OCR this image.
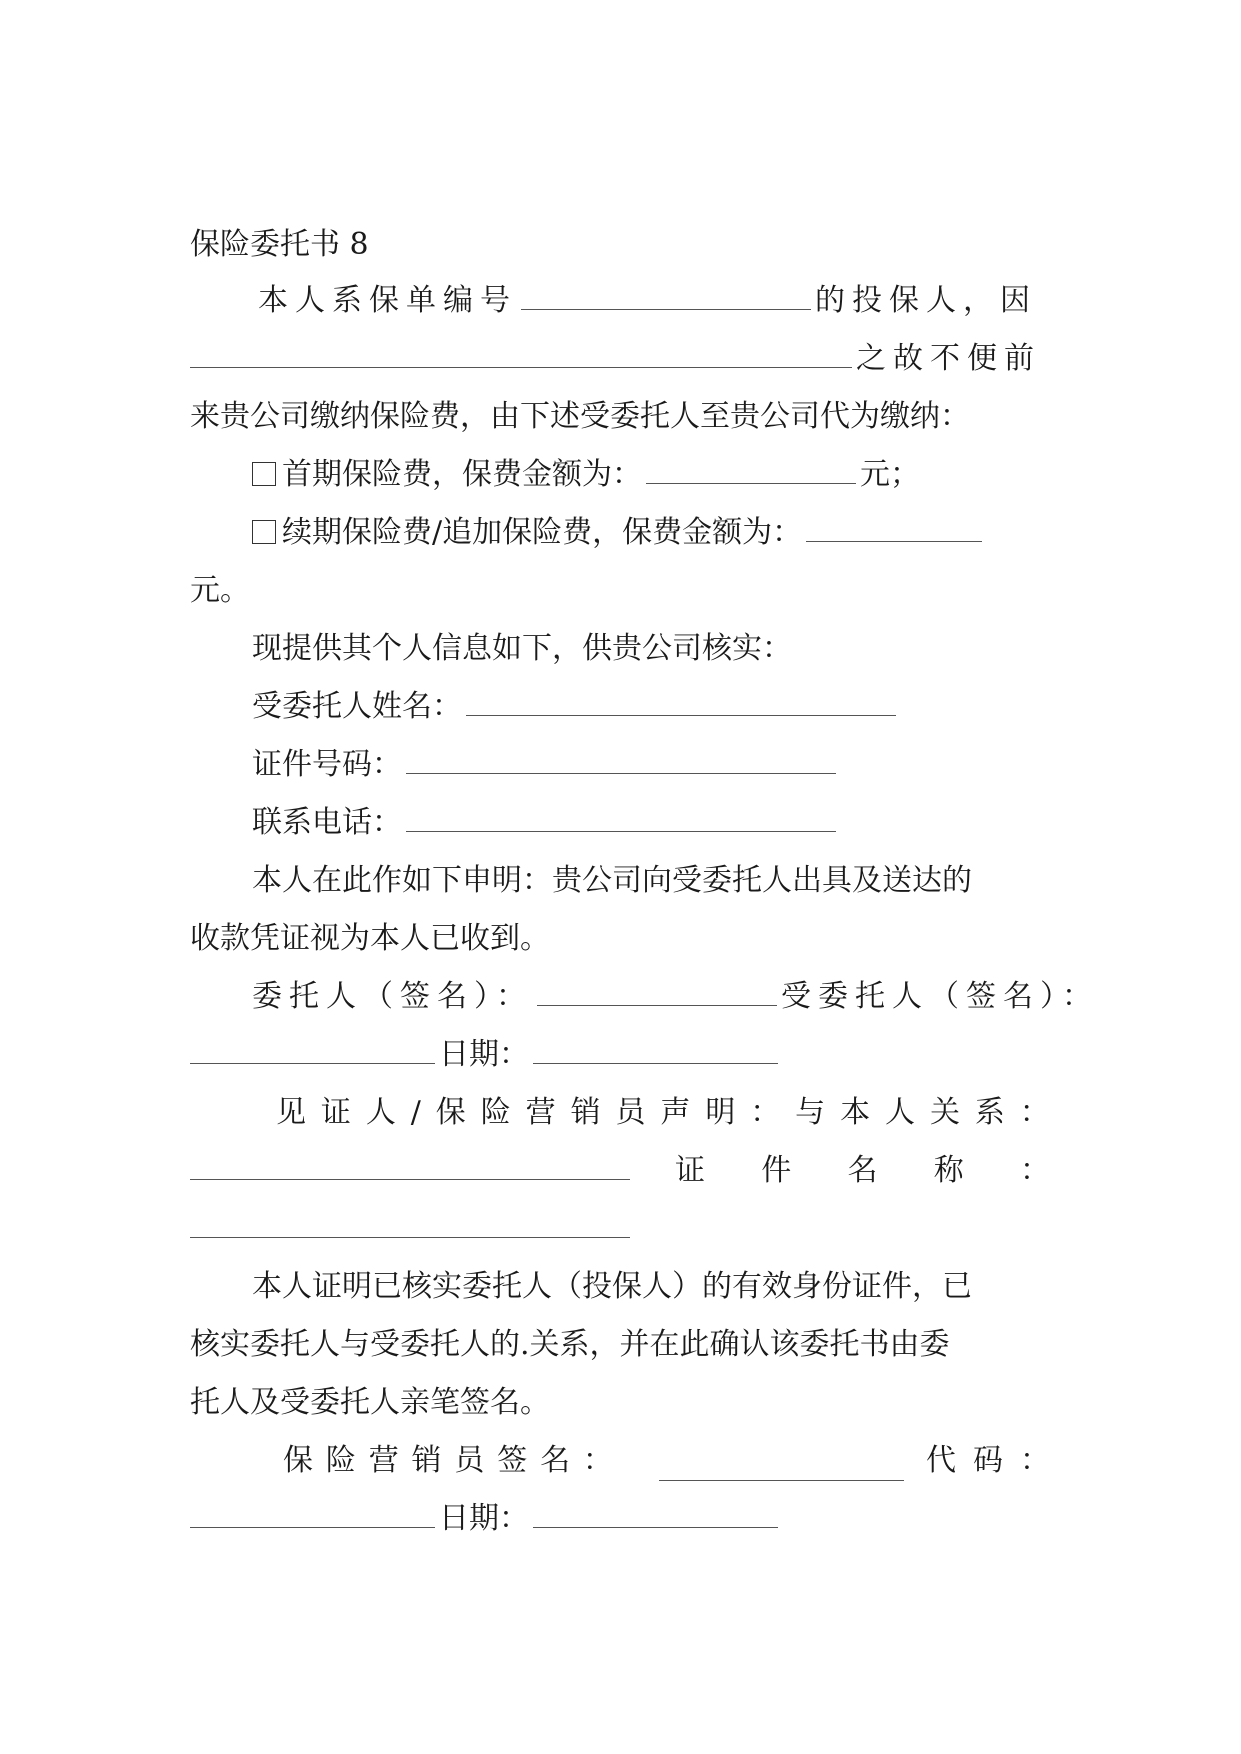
保险委托书 8
本人系保单编号	的投保人，因
之故不便前
来贵公司缴纳保险费，由下述受委托人至贵公司代为缴纳：
首期保险费，保费金额为：	元；
续期保险费/追加保险费，保费金额为：
元。
现提供其个人信息如下，供贵公司核实：
受委托人姓名：
证件号码：
联系电话：
本人在此作如下申明：贵公司向受委托人出具及送达的
收款凭证视为本人已收到。
委托人（签名）：	受委托人（签名）：
日期：
见 证 人 / 保 险 营 销 员 声 明 ： 与 本 人 关 系 ：
证 件 名 称 ：
本人证明已核实委托人（投保人）的有效身份证件，已
核实委托人与受委托人的.关系，并在此确认该委托书由委
托人及受委托人亲笔签名。
保 险 营 销 员 签 名 ：	代 码 ：
日期：
